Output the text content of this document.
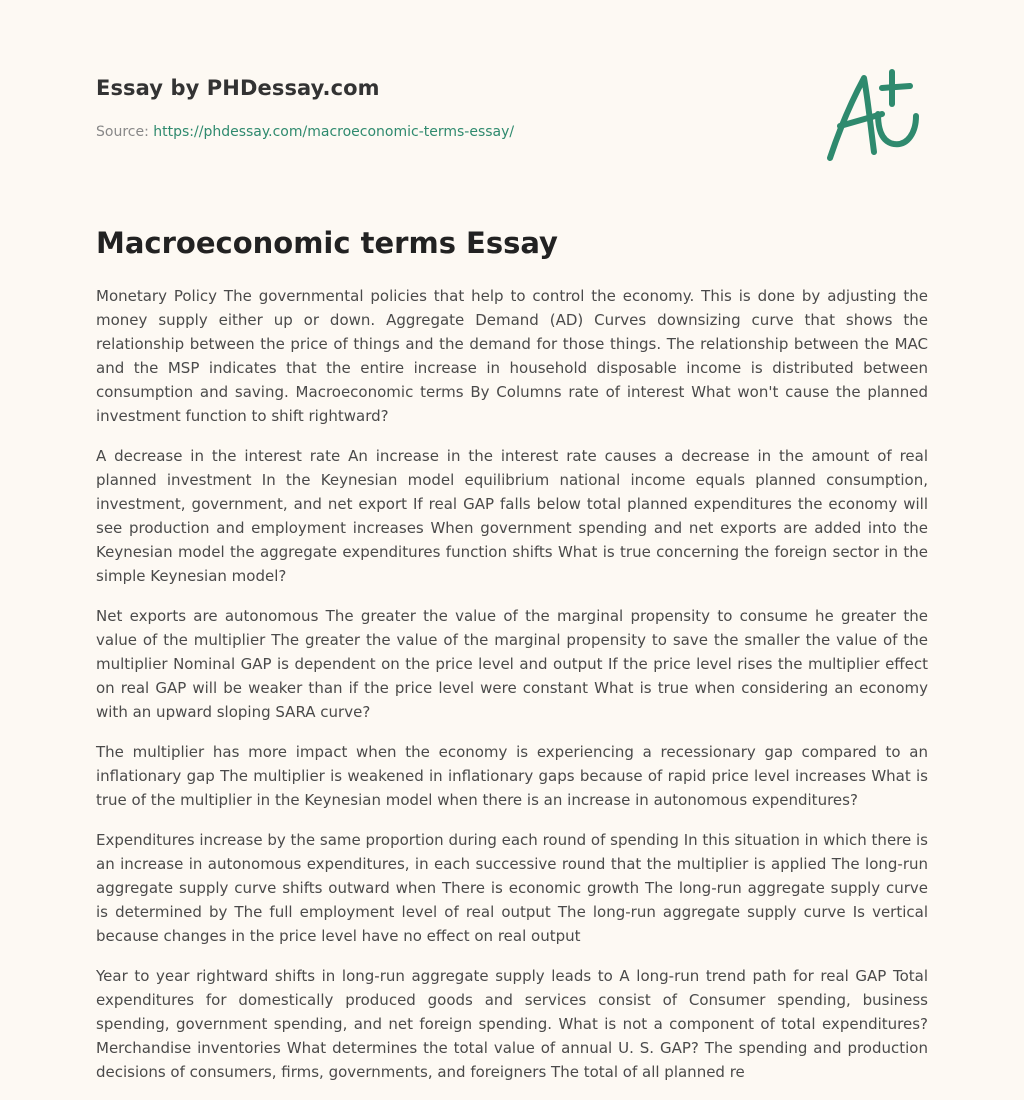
Essay by PHDessay.com
Source: https://phdessay.com/macroeconomic-terms-essay/
Macroeconomic terms Essay

Monetary Policy The governmental policies that help to control the economy. This is done by adjusting the money supply either up or down. Aggregate Demand (AD) Curves downsizing curve that shows the relationship between the price of things and the demand for those things. The relationship between the MAC and the MSP indicates that the entire increase in household disposable income is distributed between consumption and saving. Macroeconomic terms By Columns rate of interest What won't cause the planned investment function to shift rightward?

A decrease in the interest rate An increase in the interest rate causes a decrease in the amount of real planned investment In the Keynesian model equilibrium national income equals planned consumption, investment, government, and net export If real GAP falls below total planned expenditures the economy will see production and employment increases When government spending and net exports are added into the Keynesian model the aggregate expenditures function shifts What is true concerning the foreign sector in the simple Keynesian model?

Net exports are autonomous The greater the value of the marginal propensity to consume he greater the value of the multiplier The greater the value of the marginal propensity to save the smaller the value of the multiplier Nominal GAP is dependent on the price level and output If the price level rises the multiplier effect on real GAP will be weaker than if the price level were constant What is true when considering an economy with an upward sloping SARA curve?

The multiplier has more impact when the economy is experiencing a recessionary gap compared to an inflationary gap The multiplier is weakened in inflationary gaps because of rapid price level increases What is true of the multiplier in the Keynesian model when there is an increase in autonomous expenditures?

Expenditures increase by the same proportion during each round of spending In this situation in which there is an increase in autonomous expenditures, in each successive round that the multiplier is applied The long-run aggregate supply curve shifts outward when There is economic growth The long-run aggregate supply curve is determined by The full employment level of real output The long-run aggregate supply curve Is vertical because changes in the price level have no effect on real output

Year to year rightward shifts in long-run aggregate supply leads to A long-run trend path for real GAP Total expenditures for domestically produced goods and services consist of Consumer spending, business spending, government spending, and net foreign spending. What is not a component of total expenditures? Merchandise inventories What determines the total value of annual U. S. GAP? The spending and production decisions of consumers, firms, governments, and foreigners The total of all planned re
